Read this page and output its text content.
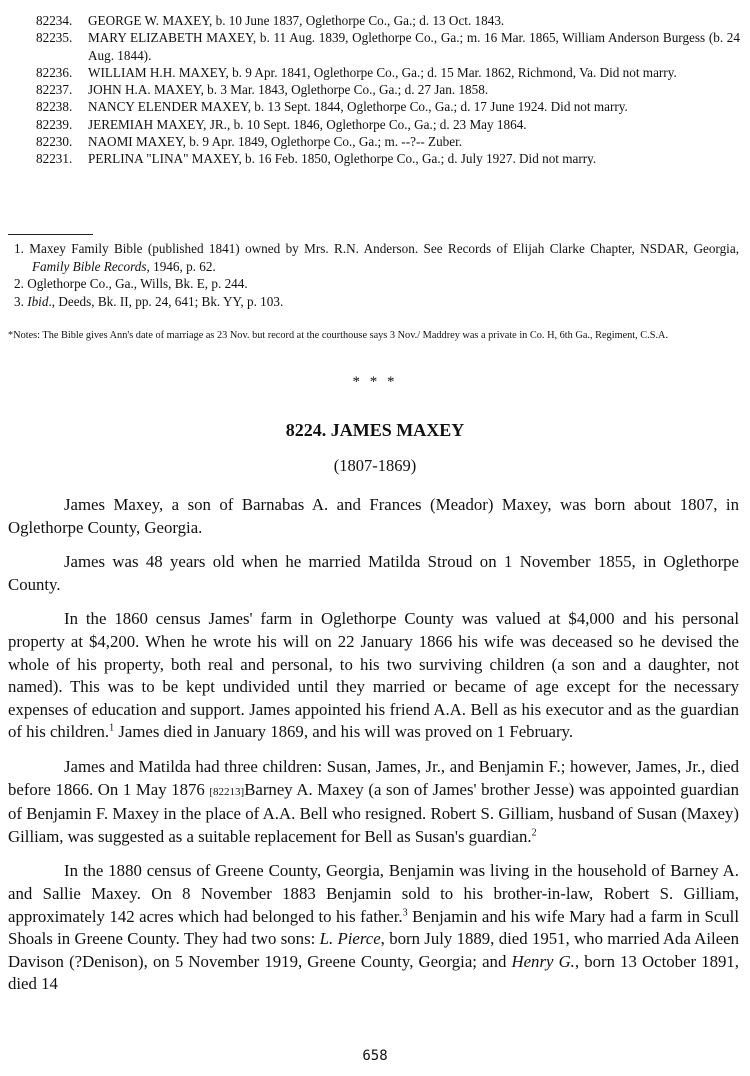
82234.	GEORGE W. MAXEY, b. 10 June 1837, Oglethorpe Co., Ga.; d. 13 Oct. 1843.
82235.	MARY ELIZABETH MAXEY, b. 11 Aug. 1839, Oglethorpe Co., Ga.; m. 16 Mar. 1865, William Anderson Burgess (b. 24 Aug. 1844).
82236.	WILLIAM H.H. MAXEY, b. 9 Apr. 1841, Oglethorpe Co., Ga.; d. 15 Mar. 1862, Richmond, Va. Did not marry.
82237.	JOHN H.A. MAXEY, b. 3 Mar. 1843, Oglethorpe Co., Ga.; d. 27 Jan. 1858.
82238.	NANCY ELENDER MAXEY, b. 13 Sept. 1844, Oglethorpe Co., Ga.; d. 17 June 1924. Did not marry.
82239.	JEREMIAH MAXEY, JR., b. 10 Sept. 1846, Oglethorpe Co., Ga.; d. 23 May 1864.
82230.	NAOMI MAXEY, b. 9 Apr. 1849, Oglethorpe Co., Ga.; m. --?-- Zuber.
82231.	PERLINA "LINA" MAXEY, b. 16 Feb. 1850, Oglethorpe Co., Ga.; d. July 1927. Did not marry.
1. Maxey Family Bible (published 1841) owned by Mrs. R.N. Anderson. See Records of Elijah Clarke Chapter, NSDAR, Georgia, Family Bible Records, 1946, p. 62.
2. Oglethorpe Co., Ga., Wills, Bk. E, p. 244.
3. Ibid., Deeds, Bk. II, pp. 24, 641; Bk. YY, p. 103.
*Notes: The Bible gives Ann's date of marriage as 23 Nov. but record at the courthouse says 3 Nov./ Maddrey was a private in Co. H, 6th Ga., Regiment, C.S.A.
* * *
8224. JAMES MAXEY
(1807-1869)

James Maxey, a son of Barnabas A. and Frances (Meador) Maxey, was born about 1807, in Oglethorpe County, Georgia.

James was 48 years old when he married Matilda Stroud on 1 November 1855, in Oglethorpe County.

In the 1860 census James' farm in Oglethorpe County was valued at $4,000 and his personal property at $4,200. When he wrote his will on 22 January 1866 his wife was deceased so he devised the whole of his property, both real and personal, to his two surviving children (a son and a daughter, not named). This was to be kept undivided until they married or became of age except for the necessary expenses of education and support. James appointed his friend A.A. Bell as his executor and as the guardian of his children.$^1$ James died in January 1869, and his will was proved on 1 February.

James and Matilda had three children: Susan, James, Jr., and Benjamin F.; however, James, Jr., died before 1866. On 1 May 1876 [82213]Barney A. Maxey (a son of James' brother Jesse) was appointed guardian of Benjamin F. Maxey in the place of A.A. Bell who resigned. Robert S. Gilliam, husband of Susan (Maxey) Gilliam, was suggested as a suitable replacement for Bell as Susan's guardian.$^2$

In the 1880 census of Greene County, Georgia, Benjamin was living in the household of Barney A. and Sallie Maxey. On 8 November 1883 Benjamin sold to his brother-in-law, Robert S. Gilliam, approximately 142 acres which had belonged to his father.$^3$ Benjamin and his wife Mary had a farm in Scull Shoals in Greene County. They had two sons: L. Pierce, born July 1889, died 1951, who married Ada Aileen Davison (?Denison), on 5 November 1919, Greene County, Georgia; and Henry G., born 13 October 1891, died 14

658
